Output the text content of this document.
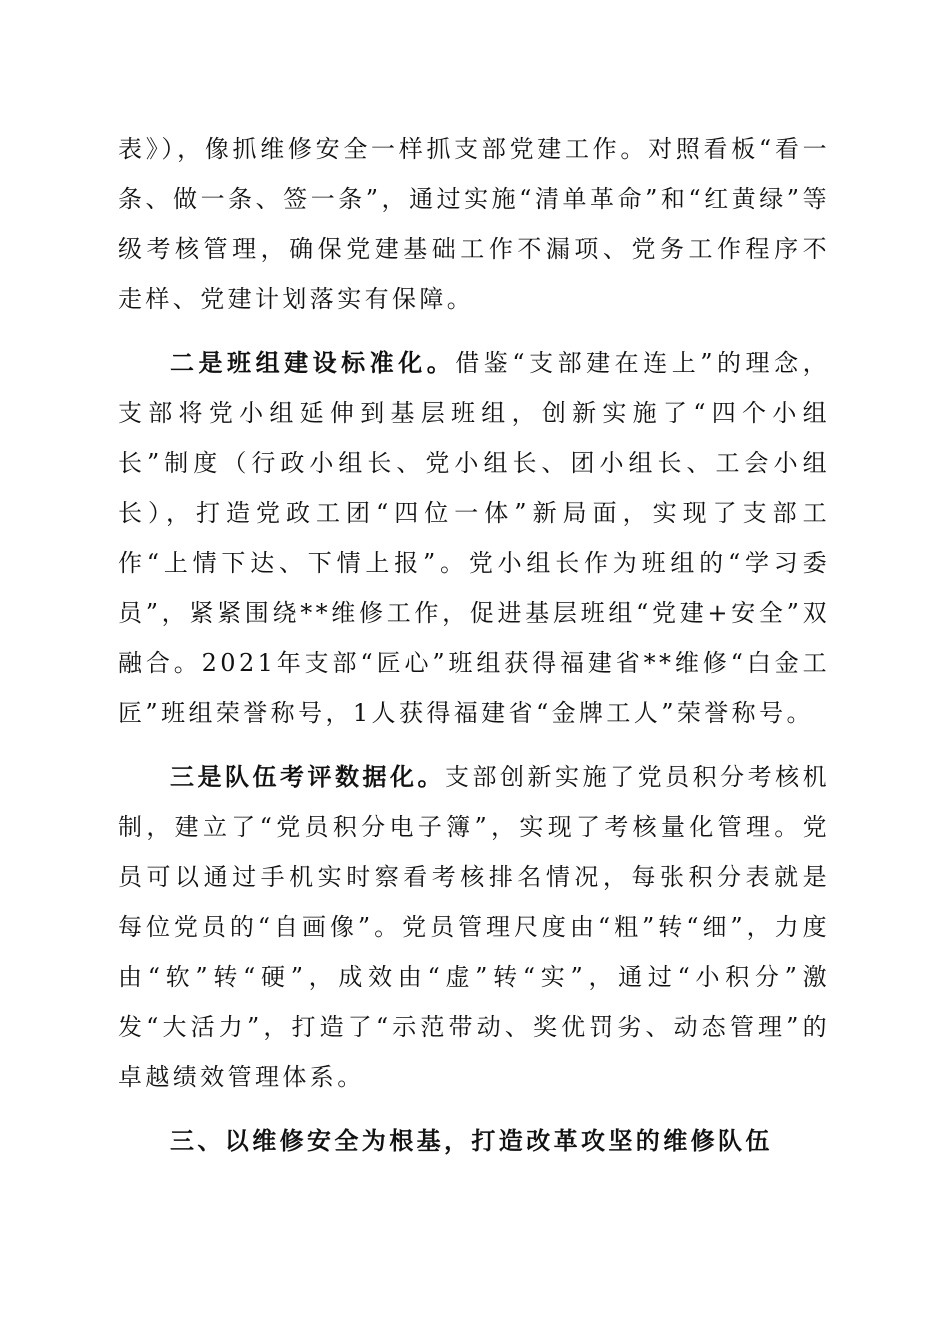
表》），像抓维修安全一样抓支部党建工作。对照看板“看一条、做一条、签一条”，通过实施“清单革命”和“红黄绿”等级考核管理，确保党建基础工作不漏项、党务工作程序不走样、党建计划落实有保障。

二是班组建设标准化。借鉴“支部建在连上”的理念，支部将党小组延伸到基层班组，创新实施了“四个小组长”制度（行政小组长、党小组长、团小组长、工会小组长），打造党政工团“四位一体”新局面，实现了支部工作“上情下达、下情上报”。党小组长作为班组的“学习委员”，紧紧围绕**维修工作，促进基层班组“党建+安全”双融合。2021年支部“匠心”班组获得福建省**维修“白金工匠”班组荣誉称号，1人获得福建省“金牌工人”荣誉称号。

三是队伍考评数据化。支部创新实施了党员积分考核机制，建立了“党员积分电子簿”，实现了考核量化管理。党员可以通过手机实时察看考核排名情况，每张积分表就是每位党员的“自画像”。党员管理尺度由“粗”转“细”，力度由“软”转“硬”，成效由“虚”转“实”，通过“小积分”激发“大活力”，打造了“示范带动、奖优罚劣、动态管理”的卓越绩效管理体系。

三、以维修安全为根基，打造改革攻坚的维修队伍
